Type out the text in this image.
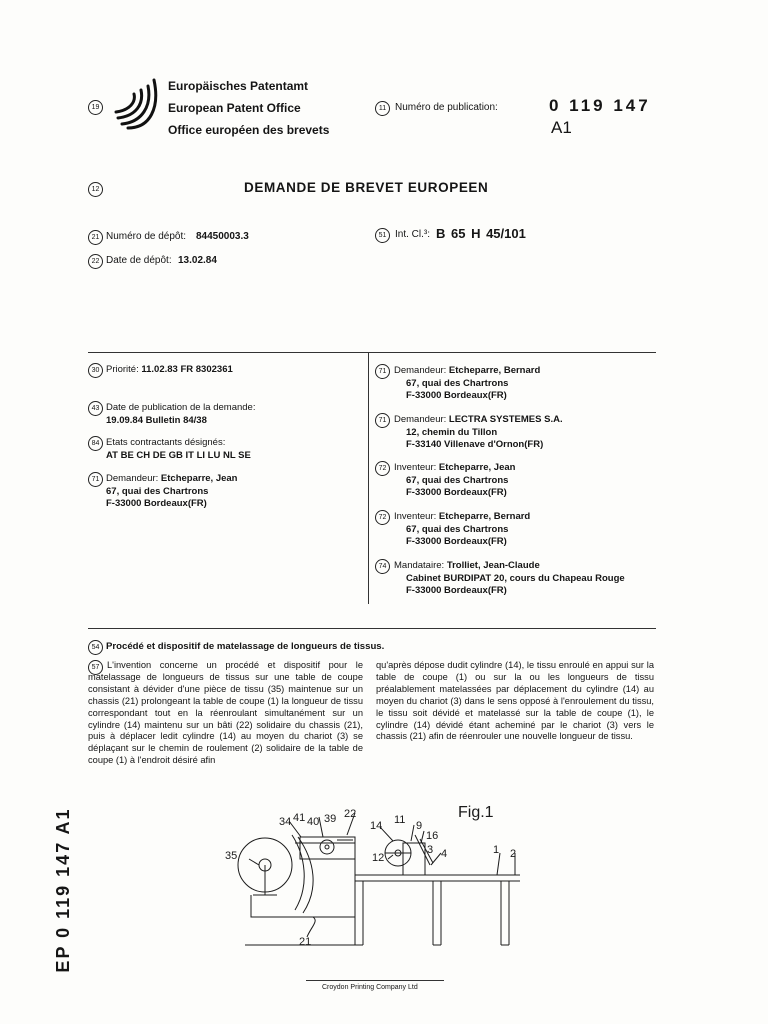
19
Europäisches Patentamt
European Patent Office
Office européen des brevets
11 Numéro de publication:	0 119 147
A1
12	DEMANDE DE BREVET EUROPEEN
21 Numéro de dépôt: 84450003.3
22 Date de dépôt: 13.02.84
51 Int. Cl.³: B 65 H 45/101
30 Priorité: 11.02.83 FR 8302361
43 Date de publication de la demande:
19.09.84 Bulletin 84/38
84 Etats contractants désignés:
AT BE CH DE GB IT LI LU NL SE
71 Demandeur: Etcheparre, Jean
67, quai des Chartrons
F-33000 Bordeaux(FR)
71 Demandeur: Etcheparre, Bernard
67, quai des Chartrons
F-33000 Bordeaux(FR)
71 Demandeur: LECTRA SYSTEMES S.A.
12, chemin du Tillon
F-33140 Villenave d'Ornon(FR)
72 Inventeur: Etcheparre, Jean
67, quai des Chartrons
F-33000 Bordeaux(FR)
72 Inventeur: Etcheparre, Bernard
67, quai des Chartrons
F-33000 Bordeaux(FR)
74 Mandataire: Trolliet, Jean-Claude
Cabinet BURDIPAT 20, cours du Chapeau Rouge
F-33000 Bordeaux(FR)
54 Procédé et dispositif de matelassage de longueurs de tissus.
57 L'invention concerne un procédé et dispositif pour le matelassage de longueurs de tissus sur une table de coupe consistant à dévider d'une pièce de tissu (35) maintenue sur un chassis (21) prolongeant la table de coupe (1) la longueur de tissu correspondant tout en la réenroulant simultanément sur un cylindre (14) maintenu sur un bâti (22) solidaire du chassis (21), puis à déplacer ledit cylindre (14) au moyen du chariot (3) se déplaçant sur le chemin de roulement (2) solidaire de la table de coupe (1) à l'endroit désiré afin
qu'après dépose dudit cylindre (14), le tissu enroulé en appui sur la table de coupe (1) ou sur la ou les longueurs de tissu préalablement matelassées par déplacement du cylindre (14) au moyen du chariot (3) dans le sens opposé à l'enroulement du tissu, le tissu soit dévidé et matelassé sur la table de coupe (1), le cylindre (14) dévidé étant acheminé par le chariot (3) vers le chassis (21) afin de réenrouler une nouvelle longueur de tissu.
EP 0 119 147 A1	34 41 40 39 22
14 11 9
16
35	12
3 4	1 2
21
Fig.1
Croydon Printing Company Ltd
